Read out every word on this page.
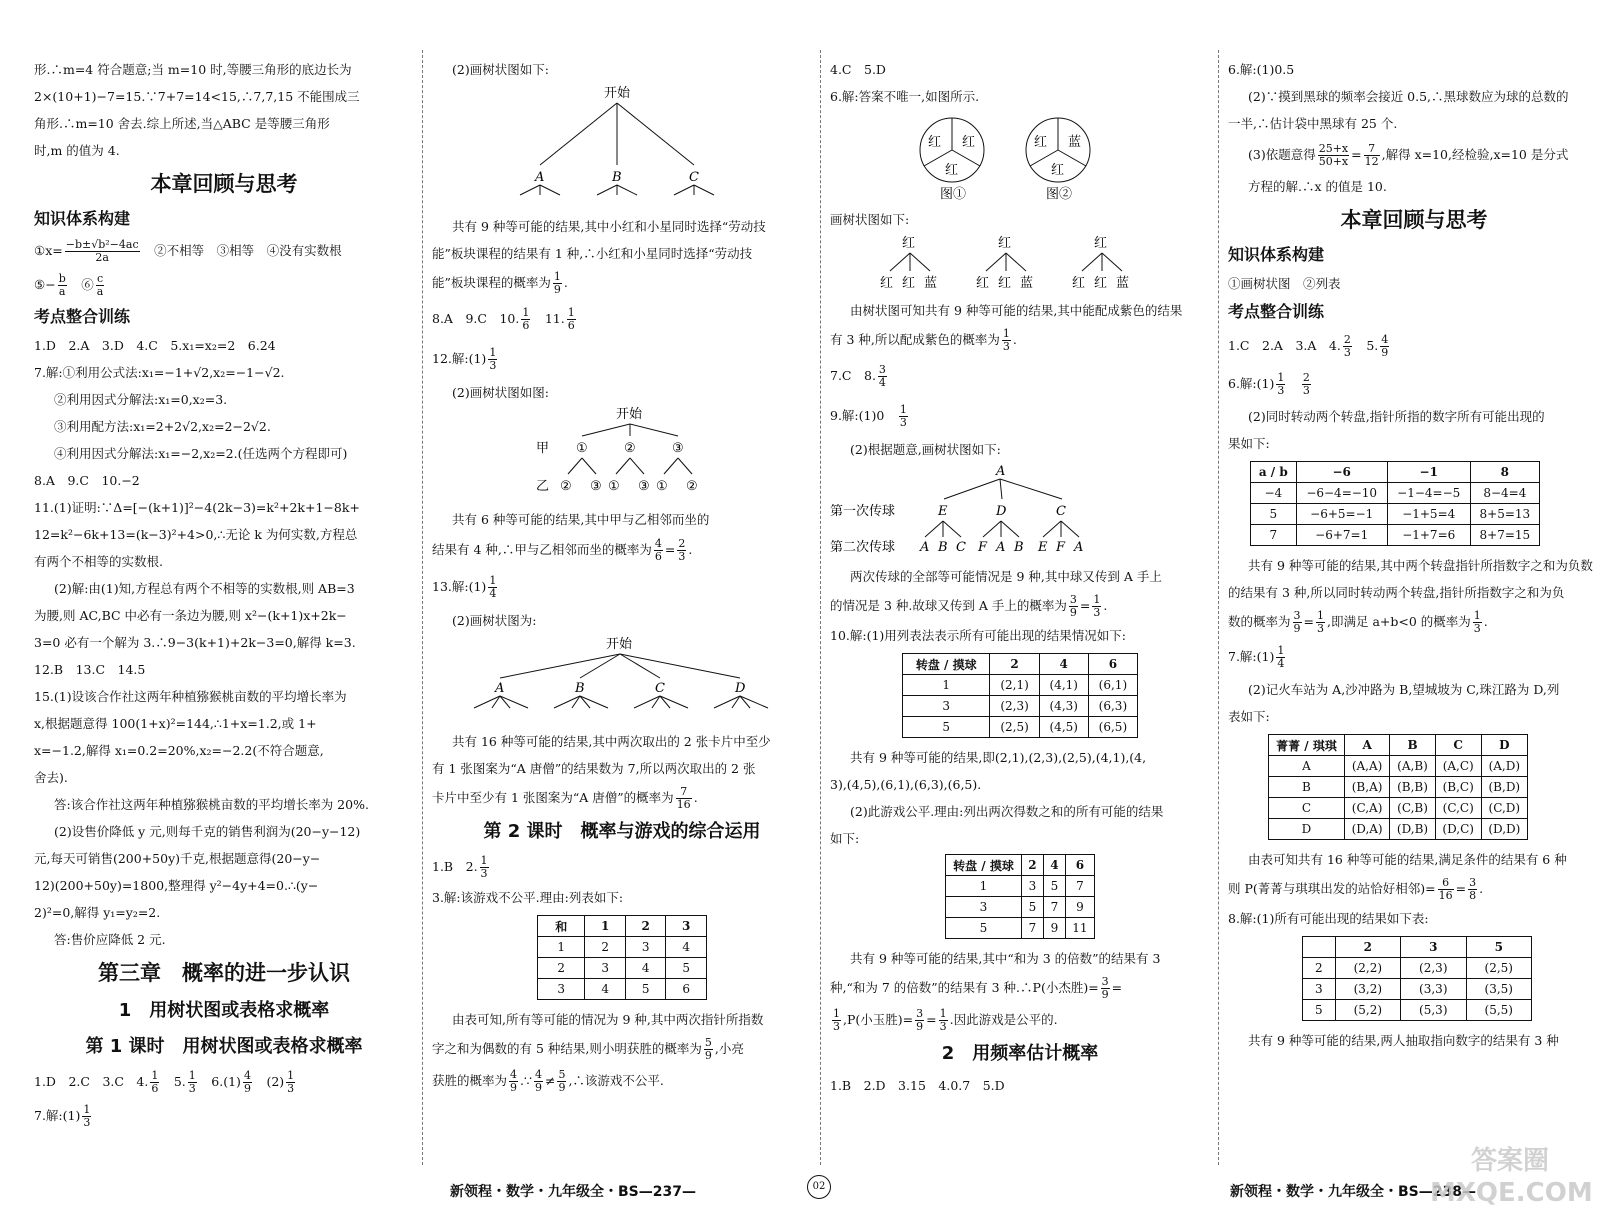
形.∴m=4 符合题意;当 m=10 时,等腰三角形的底边长为
2×(10+1)−7=15.∵7+7=14<15,∴7,7,15 不能围成三
角形.∴m=10 舍去.综上所述,当△ABC 是等腰三角形
时,m 的值为 4.
本章回顾与思考
知识体系构建
①x= $\frac{\text{−b±√b²−4ac}}{2a}$
　 ②不相等　③相等　④没有实数根
⑤− $\frac{b}{a}$
　 ⑥ $\frac{c}{a}$
考点整合训练
1.D　2.A　3.D　4.C　5.x₁=x₂=2　6.24
7.解:①利用公式法:x₁=−1+√2,x₂=−1−√2.
②利用因式分解法:x₁=0,x₂=3.
③利用配方法:x₁=2+2√2,x₂=2−2√2.
④利用因式分解法:x₁=−2,x₂=2.(任选两个方程即可)
8.A　9.C　10.−2
11.(1)证明:∵Δ=[−(k+1)]²−4(2k−3)=k²+2k+1−8k+
12=k²−6k+13=(k−3)²+4>0,∴无论 k 为何实数,方程总
有两个不相等的实数根.
(2)解:由(1)知,方程总有两个不相等的实数根,则 AB=3
为腰,则 AC,BC 中必有一条边为腰,则 x²−(k+1)x+2k−
3=0 必有一个解为 3.∴9−3(k+1)+2k−3=0,解得 k=3.
12.B　13.C　14.5
15.(1)设该合作社这两年种植猕猴桃亩数的平均增长率为
x,根据题意得 100(1+x)²=144,∴1+x=1.2,或 1+
x=−1.2,解得 x₁=0.2=20%,x₂=−2.2(不符合题意,
舍去).
答:该合作社这两年种植猕猴桃亩数的平均增长率为 20%.
(2)设售价降低 y 元,则每千克的销售利润为(20−y−12)
元,每天可销售(200+50y)千克,根据题意得(20−y−
12)(200+50y)=1800,整理得 y²−4y+4=0.∴(y−
2)²=0,解得 y₁=y₂=2.
答:售价应降低 2 元.
第三章　概率的进一步认识
1　用树状图或表格求概率
第 1 课时　用树状图或表格求概率
1.D　2.C　3.C　4. $\frac{1}{6}$ 　5. $\frac{1}{3}$ 　$6.(1) \frac{4}{9}$ 　$(2) \frac{1}{3}$
7.解:(1) $\frac{1}{3}$
(2)画树状图如下:
开始
A	B	C
共有 9 种等可能的结果,其中小红和小星同时选择“劳动技
能”板块课程的结果有 1 种,∴小红和小星同时选择“劳动技
能”板块课程的概率为 $\frac{1}{9}$ .
8.A　9.C　10. $\frac{1}{6}$ 　11. $\frac{1}{6}$
12.解:(1) $\frac{1}{3}$
(2)画树状图如图:
开始
甲 ①	②	③
乙 ② ③ ① ③ ① ②
共有 6 种等可能的结果,其中甲与乙相邻而坐的
结果有 4 种,∴甲与乙相邻而坐的概率为 $\frac{4}{6} = \frac{2}{3}$ .
13.解:(1) $\frac{1}{4}$
(2)画树状图为:
开始
A	B	C	D
共有 16 种等可能的结果,其中两次取出的 2 张卡片中至少
有 1 张图案为“A 唐僧”的结果数为 7,所以两次取出的 2 张
卡片中至少有 1 张图案为“A 唐僧”的概率为 $\frac{7}{16}$ .
第 2 课时　概率与游戏的综合运用
1.B　2. $\frac{1}{3}$
3.解:该游戏不公平.理由:列表如下:
和	1	2	3
1	2	3	4
2	3	4	5
3	4	5	6
由表可知,所有等可能的情况为 9 种,其中两次指针所指数
字之和为偶数的有 5 种结果,则小明获胜的概率为 $\frac{5}{9}$ ,小亮
获胜的概率为 $\frac{4}{9}$ .∵ $\frac{4}{9} \ne \frac{5}{9}$ ,∴该游戏不公平.
4.C　5.D
6.解:答案不唯一,如图所示.
红 红
红
图①
红 蓝
红
图②
画树状图如下:
红
红 红 蓝
红
红 红 蓝
红
红 红 蓝
由树状图可知共有 9 种等可能的结果,其中能配成紫色的结果
有 3 种,所以配成紫色的概率为 $\frac{1}{3}$ .
7.C　8. $\frac{3}{4}$
9.解:(1)0　 $\frac{1}{3}$
(2)根据题意,画树状图如下:
第一次传球
第二次传球
A
E	D	C
A B C F A B E F A
两次传球的全部等可能情况是 9 种,其中球又传到 A 手上
的情况是 3 种.故球又传到 A 手上的概率为 $\frac{3}{9} = \frac{1}{3}$ .
10.解:(1)用列表法表示所有可能出现的结果情况如下:
转盘 / 摸球	2	4	6
1	(2,1)	(4,1)	(6,1)
3	(2,3)	(4,3)	(6,3)
5	(2,5)	(4,5)	(6,5)
共有 9 种等可能的结果,即(2,1),(2,3),(2,5),(4,1),(4,
3),(4,5),(6,1),(6,3),(6,5).
(2)此游戏公平.理由:列出两次得数之和的所有可能的结果
如下:
转盘 / 摸球	2	4	6
1	3	5	7
3	5	7	9
5	7	9	11
共有 9 种等可能的结果,其中“和为 3 的倍数”的结果有 3
种,“和为 7 的倍数”的结果有 3 种.∴P(小杰胜)= $\frac{3}{9}$ =
$\frac{1}{3} ,P$(小玉胜)= $\frac{3}{9} = \frac{1}{3}$ .因此游戏是公平的.
2　用频率估计概率
1.B　2.D　3.15　4.0.7　5.D
6.解:(1)0.5
(2)∵摸到黑球的频率会接近 0.5,∴黑球数应为球的总数的
一半,∴估计袋中黑球有 25 个.
(3)依题意得 $\frac{25+x}{50+x} = \frac{7}{12}$ ,解得 x=10,经检验,x=10 是分式
方程的解.∴x 的值是 10.
本章回顾与思考
知识体系构建
①画树状图　②列表
考点整合训练
1.C　2.A　3.A　4. $\frac{2}{3}$ 　5. $\frac{4}{9}$
6.解:(1) $\frac{1}{3}$
　 $\frac{2}{3}$
(2)同时转动两个转盘,指针所指的数字所有可能出现的
果如下:
a / b	−6	−1	8
−4	−6−4=−10	−1−4=−5	8−4=4
5	−6+5=−1	−1+5=4	8+5=13
7	−6+7=1	−1+7=6	8+7=15
共有 9 种等可能的结果,其中两个转盘指针所指数字之和为负数
的结果有 3 种,所以同时转动两个转盘,指针所指数字之和为负
数的概率为 $\frac{3}{9} = \frac{1}{3}$ ,即满足 a+b<0 的概率为 $\frac{1}{3}$ .
7.解:(1) $\frac{1}{4}$
(2)记火车站为 A,沙冲路为 B,望城坡为 C,珠江路为 D,列
表如下:
菁菁 / 琪琪	A	B	C	D
A	(A,A)	(A,B)	(A,C)	(A,D)
B	(B,A)	(B,B)	(B,C)	(B,D)
C	(C,A)	(C,B)	(C,C)	(C,D)
D	(D,A)	(D,B)	(D,C)	(D,D)
由表可知共有 16 种等可能的结果,满足条件的结果有 6 种
则 P(菁菁与琪琪出发的站恰好相邻)= $\frac{6}{16} = \frac{3}{8}$ .
8.解:(1)所有可能出现的结果如下表:
	2	3	5
2	(2,2)	(2,3)	(2,5)
3	(3,2)	(3,3)	(3,5)
5	(5,2)	(5,3)	(5,5)
共有 9 种等可能的结果,两人抽取指向数字的结果有 3 种
新领程・数学・九年级全・BS—237—	02	新领程・数学・九年级全・BS—238—
答案圈
MXQE.COM
